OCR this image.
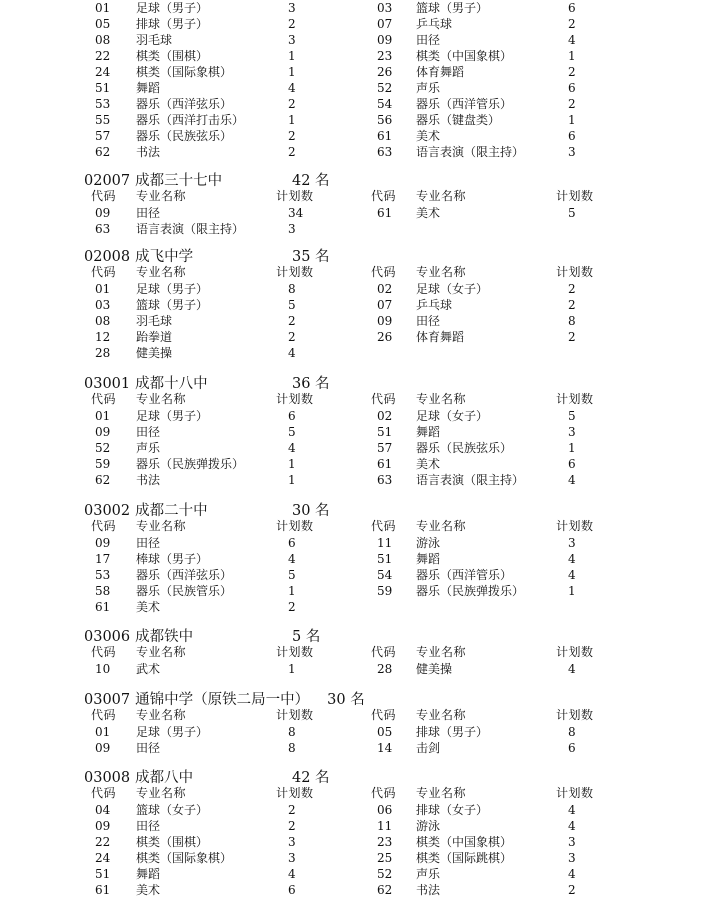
01 足球（男子）	3	03 篮球（男子）	6
05 排球（男子）	2	07 乒乓球	2
08 羽毛球	3	09 田径	4
22 棋类（围棋）	1	23 棋类（中国象棋）	1
24 棋类（国际象棋）	1	26 体育舞蹈	2
51 舞蹈	4	52 声乐	6
53 器乐（西洋弦乐）	2	54 器乐（西洋管乐）	2
55 器乐（西洋打击乐）	1	56 器乐（键盘类）	1
57 器乐（民族弦乐）	2	61 美术	6
62 书法	2	63 语言表演（限主持）	3
02007 成都三十七中	42 名
代码 专业名称	计划数	代码 专业名称	计划数
09 田径	34	61 美术	5
63 语言表演（限主持）	3
02008 成飞中学	35 名
代码 专业名称	计划数	代码 专业名称	计划数
01 足球（男子）	8	02 足球（女子）	2
03 篮球（男子）	5	07 乒乓球	2
08 羽毛球	2	09 田径	8
12 跆拳道	2	26 体育舞蹈	2
28 健美操	4
03001 成都十八中	36 名
代码 专业名称	计划数	代码 专业名称	计划数
01 足球（男子）	6	02 足球（女子）	5
09 田径	5	51 舞蹈	3
52 声乐	4	57 器乐（民族弦乐）	1
59 器乐（民族弹拨乐）	1	61 美术	6
62 书法	1	63 语言表演（限主持）	4
03002 成都二十中	30 名
代码 专业名称	计划数	代码 专业名称	计划数
09 田径	6	11 游泳	3
17 棒球（男子）	4	51 舞蹈	4
53 器乐（西洋弦乐）	5	54 器乐（西洋管乐）	4
58 器乐（民族管乐）	1	59 器乐（民族弹拨乐）	1
61 美术	2
03006 成都铁中	5 名
代码 专业名称	计划数	代码 专业名称	计划数
10 武术	1	28 健美操	4
03007 通锦中学（原铁二局一中） 30 名
代码 专业名称	计划数	代码 专业名称	计划数
01 足球（男子）	8	05 排球（男子）	8
09 田径	8	14 击剑	6
03008 成都八中	42 名
代码 专业名称	计划数	代码 专业名称	计划数
04 篮球（女子）	2	06 排球（女子）	4
09 田径	2	11 游泳	4
22 棋类（围棋）	3	23 棋类（中国象棋）	3
24 棋类（国际象棋）	3	25 棋类（国际跳棋）	3
51 舞蹈	4	52 声乐	4
61 美术	6	62 书法	2
